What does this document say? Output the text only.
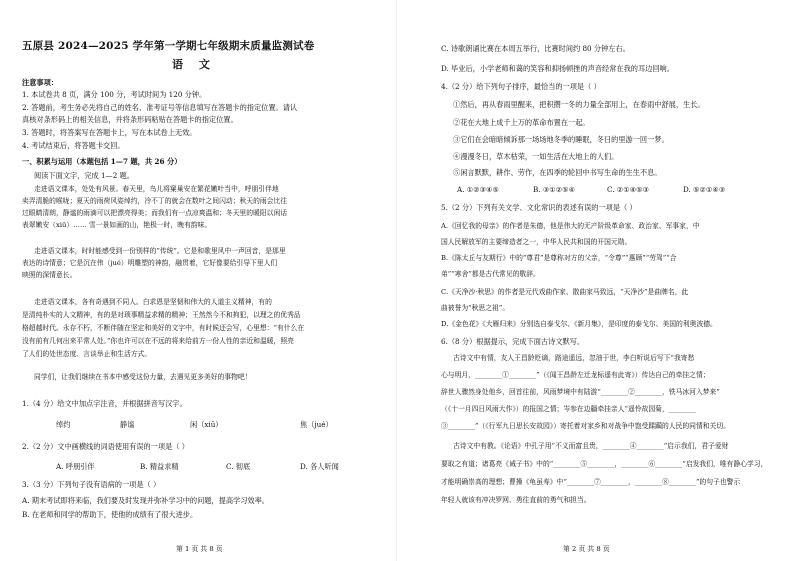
五原县 2024—2025 学年第一学期七年级期末质量监测试卷
语 文
注意事项：
1. 本试卷共 8 页，满分 100 分，考试时间为 120 分钟。
2. 答题前，考生务必先将自己的姓名、准考证号等信息填写在答题卡的指定位置。请认
真核对条形码上的相关信息，并将条形码粘贴在答题卡的指定位置。
3. 答题时，将答案写在答题卡上，写在本试卷上无效。
4. 考试结束后，将答题卡交回。
一、积累与运用（本题包括 1—7 题，共 26 分）
阅读下面文字，完成 1—2 题。
走进语文课本，处处有风景。春天里，鸟儿将窠巢安在繁花嫩叶当中，呼朋引伴地
卖弄清脆的喉咙；夏天的雨荷风姿绰约，冷不丁的就会在数叶之间闪动；秋天的雨会比往
过眼睛清朗，静谧的雨滴可以把漂亮得美；而我们有一点凉爽温和；冬天里的暖阳以闲话
表翠嫩安（xiū）…… 雪一景如画的山，艳极一时，晚有韵味。
走进语文课本，时时能感受到一份别样的“传统”。它是和歌里风中一声回音，是那里
表达的诗情意；它是沉在伟（jué）明雕塑的神韵，融贯着，它好像要给引导下里人们
映照的深情意长。
走进语文课本，各有奇遇到不同人。白求恩是坚韧和伟大的人道主义精神，有的
是清纯朴实的人文精神，有的是对琐事精益求精的精神；王然然今不和拘犯，以理之的优秀品
格超越时代。永存不朽，不断伴随在坚定和美好的文字中，有时候还会写，心里想：“有什么在
没有前有几何出来平常人处。”你也许可以在不远的将来给前方一份人性的亲近和温暖，照亮
了人们的处世态度、言谈举止和生活方式。
同学们，让我们继续在书本中感受这份力量，去遇见更多美好的事物吧！
1.（4 分）给文中加点字注音，并根据拼音写汉字。
绰约	静谧	闲（xiū）	焦（jué）
2.（2 分）文中画横线的词语使用有误的一项是（ ）
A. 呼朋引伴	B. 精益求精	C. 彻底	D. 各人听闻
3.（3 分）下列句子没有语病的一项是（ ）
A. 期末考试即将来临，我们要及时发现并弥补学习中的问题，提高学习效率。
B. 在老师和同学的帮助下，使他的成绩有了很大进步。
第 1 页 共 8 页
C. 诗歌朗诵比赛在本周五举行，比赛时间约 80 分钟左右。
D. 毕业后，小学老师和蔼的笑容和抑扬顿挫的声音经常在我的耳边回响。
4.（2 分）给下列句子排序，最恰当的一项是（ ）
①然后，再从春雨里醒来，把积攒一冬的力量全部用上，在春雨中舒展、生长。
②花在大地上成千上万的革命布置在一起。
③它们在会暗暗倾诉那一场场地冬季的睡眠，冬日的里游一回一梦。
④漫漫冬日，草木枯荣，一如生活在大地上的人们。
⑤闲言默默，耕作、劳作，在四季的轮回中书写生命的生生不息。
A. ①②③④⑤	B. ③①②⑤④	C. ②①④⑤③	D. ⑤②①④③
5.（2 分）下列有关文学、文化常识的表述有误的一项是（ ）
A.《回忆我的母亲》的作者是朱德，他是伟大的无产阶级革命家、政治家、军事家，中
国人民解放军的主要缔造者之一，中华人民共和国的开国元勋。
B.《陈太丘与友期行》中的“尊君”是尊称对方的父亲，“令尊”“惠顾”“劳驾”“合
弟”“寒舍”都是古代常见的敬辞。
C.《天净沙·秋思》的作者是元代戏曲作家、散曲家马致远，“天净沙”是曲牌名，此
曲被誉为“秋思之祖”。
D.《金色花》《大雁归来》分别选自泰戈尔、《新月集》，是印度的泰戈尔、美国的利奥波德。
6.（8 分）根据提示，完成下面古诗文默写。
古诗文中有情，友人王昌龄贬谪，路途遥远，忽油于世，李白听说后写下“我寄愁
心与明月，________①________”（《闻王昌龄左迁龙标遥有此寄》）传达自己的牵挂之情；
辞世人骤然身处他乡，回首往前，风雨梦境中有陆游“________②________，铁马冰河入梦来”
（《十一月四日风雨大作》）的报国之情；岑参在边疆牵挂亲人“遥怜故园菊，________
③________”（《行军九日思长安故园》）寄托着对家乡和对战争中饱受蹂躏的人民的同情和关切。
古诗文中有教。《论语》中孔子用“不义而富且贵，________④________”启示我们，君子爱财
要取之有道；诸葛亮《诫子书》中的“________⑤________，________⑥________”启发我们，唯有静心学习，
才能明确崇高的理想；曹操《龟虽寿》中“________⑦________，________⑧________”的句子也警示
年轻人就该有冲决罗网、勇往直前的勇气和担当。
第 2 页 共 8 页
